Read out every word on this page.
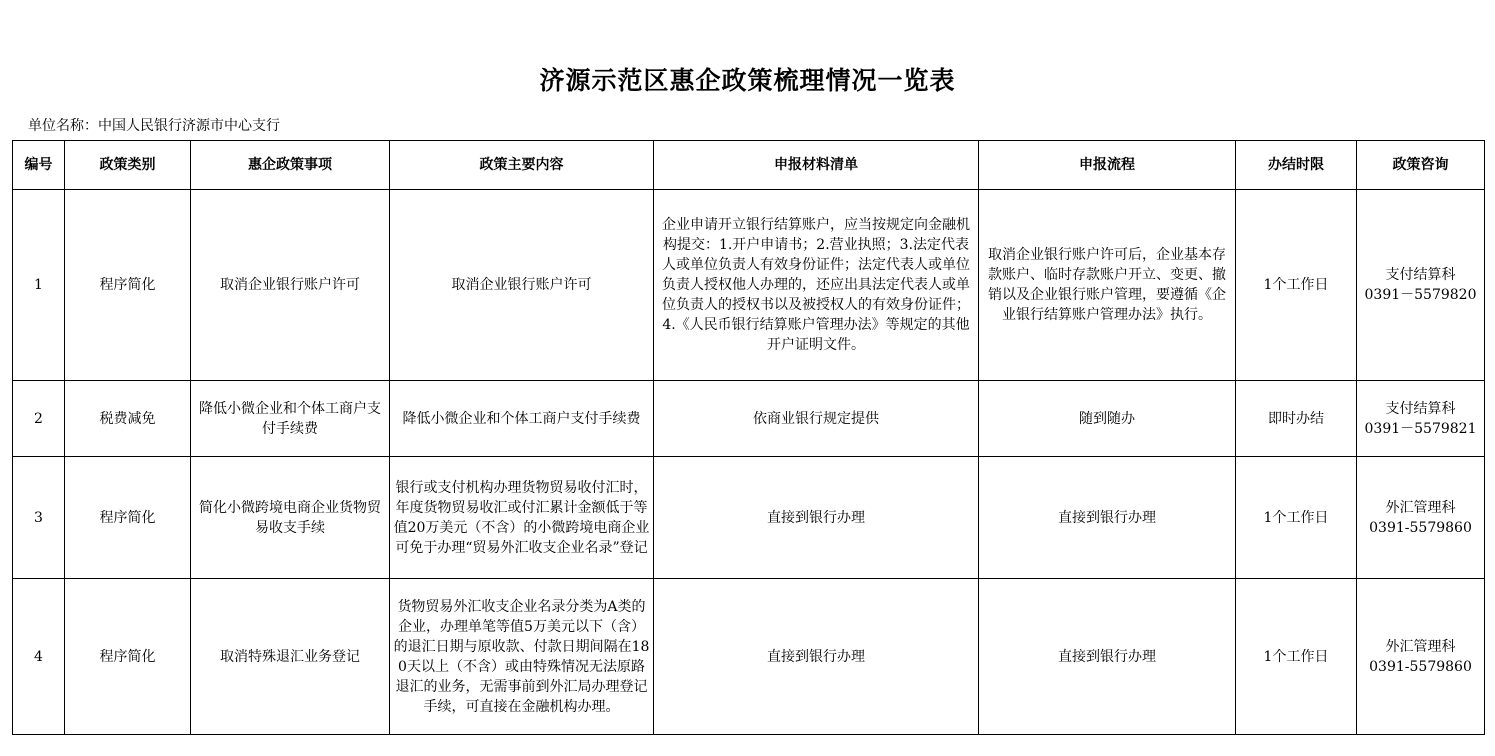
济源示范区惠企政策梳理情况一览表
单位名称：中国人民银行济源市中心支行
编号	政策类别	惠企政策事项	政策主要内容	申报材料清单	申报流程	办结时限	政策咨询
1	程序简化	取消企业银行账户许可	取消企业银行账户许可	企业申请开立银行结算账户，应当按规定向金融机构提交：1.开户申请书；2.营业执照；3.法定代表人或单位负责人有效身份证件；法定代表人或单位负责人授权他人办理的，还应出具法定代表人或单位负责人的授权书以及被授权人的有效身份证件；4.《人民币银行结算账户管理办法》等规定的其他开户证明文件。	取消企业银行账户许可后，企业基本存款账户、临时存款账户开立、变更、撤销以及企业银行账户管理，要遵循《企业银行结算账户管理办法》执行。	1个工作日	支付结算科
0391－5579820

2	税费减免	降低小微企业和个体工商户支付手续费	降低小微企业和个体工商户支付手续费	依商业银行规定提供	随到随办	即时办结	支付结算科
0391－5579821

3	程序简化	简化小微跨境电商企业货物贸易收支手续	银行或支付机构办理货物贸易收付汇时，年度货物贸易收汇或付汇累计金额低于等值20万美元（不含）的小微跨境电商企业可免于办理“贸易外汇收支企业名录”登记	直接到银行办理	直接到银行办理	1个工作日	外汇管理科
0391-5579860

4	程序简化	取消特殊退汇业务登记	货物贸易外汇收支企业名录分类为A类的企业，办理单笔等值5万美元以下（含）的退汇日期与原收款、付款日期间隔在180天以上（不含）或由特殊情况无法原路退汇的业务，无需事前到外汇局办理登记手续，可直接在金融机构办理。	直接到银行办理	直接到银行办理	1个工作日	外汇管理科
0391-5579860
